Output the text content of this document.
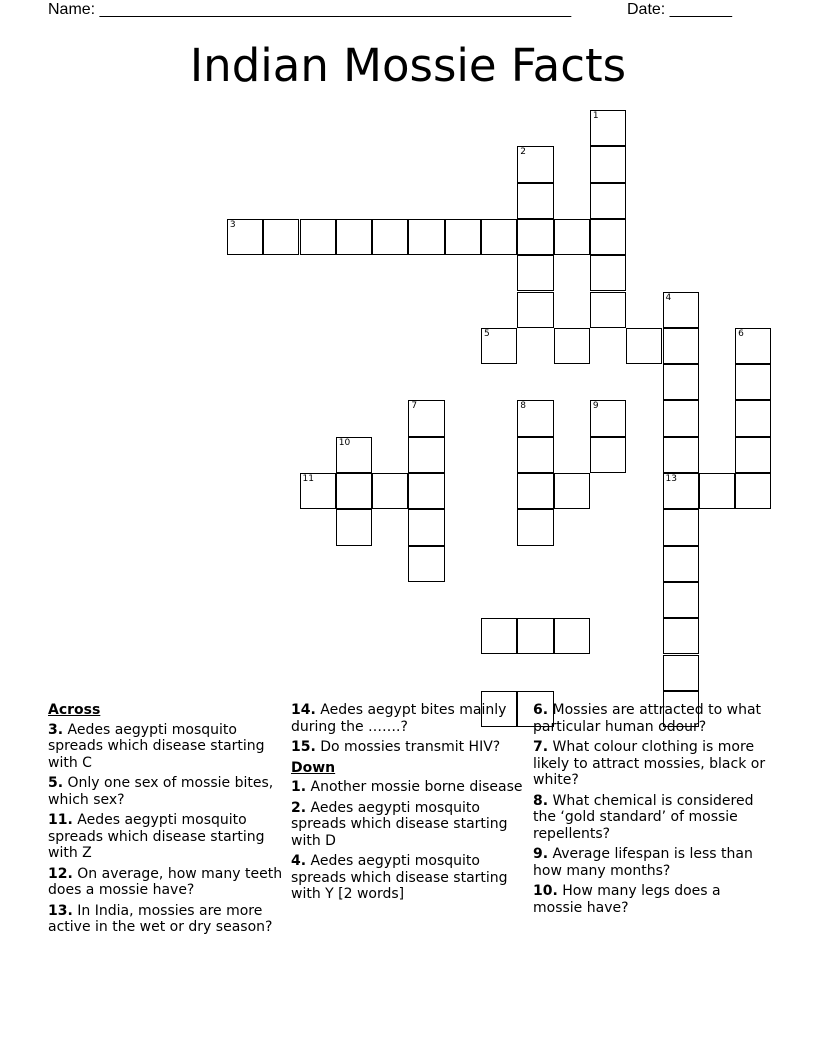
Name: _____________________________________________________	Date: _______
Indian Mossie Facts
1
2
3
5
4
13
6
7	8	9
10
11
Across
3. Aedes aegypti mosquito spreads which disease starting with C
5. Only one sex of mossie bites, which sex?
11. Aedes aegypti mosquito spreads which disease starting with Z
12. On average, how many teeth does a mossie have?
13. In India, mossies are more active in the wet or dry season?
14. Aedes aegypt bites mainly during the …….?
15. Do mossies transmit HIV?
Down
1. Another mossie borne disease
2. Aedes aegypti mosquito spreads which disease starting with D
4. Aedes aegypti mosquito spreads which disease starting with Y [2 words]
6. Mossies are attracted to what particular human odour?
7. What colour clothing is more likely to attract mossies, black or white?
8. What chemical is considered the ‘gold standard’ of mossie repellents?
9. Average lifespan is less than how many months?
10. How many legs does a mossie have?
